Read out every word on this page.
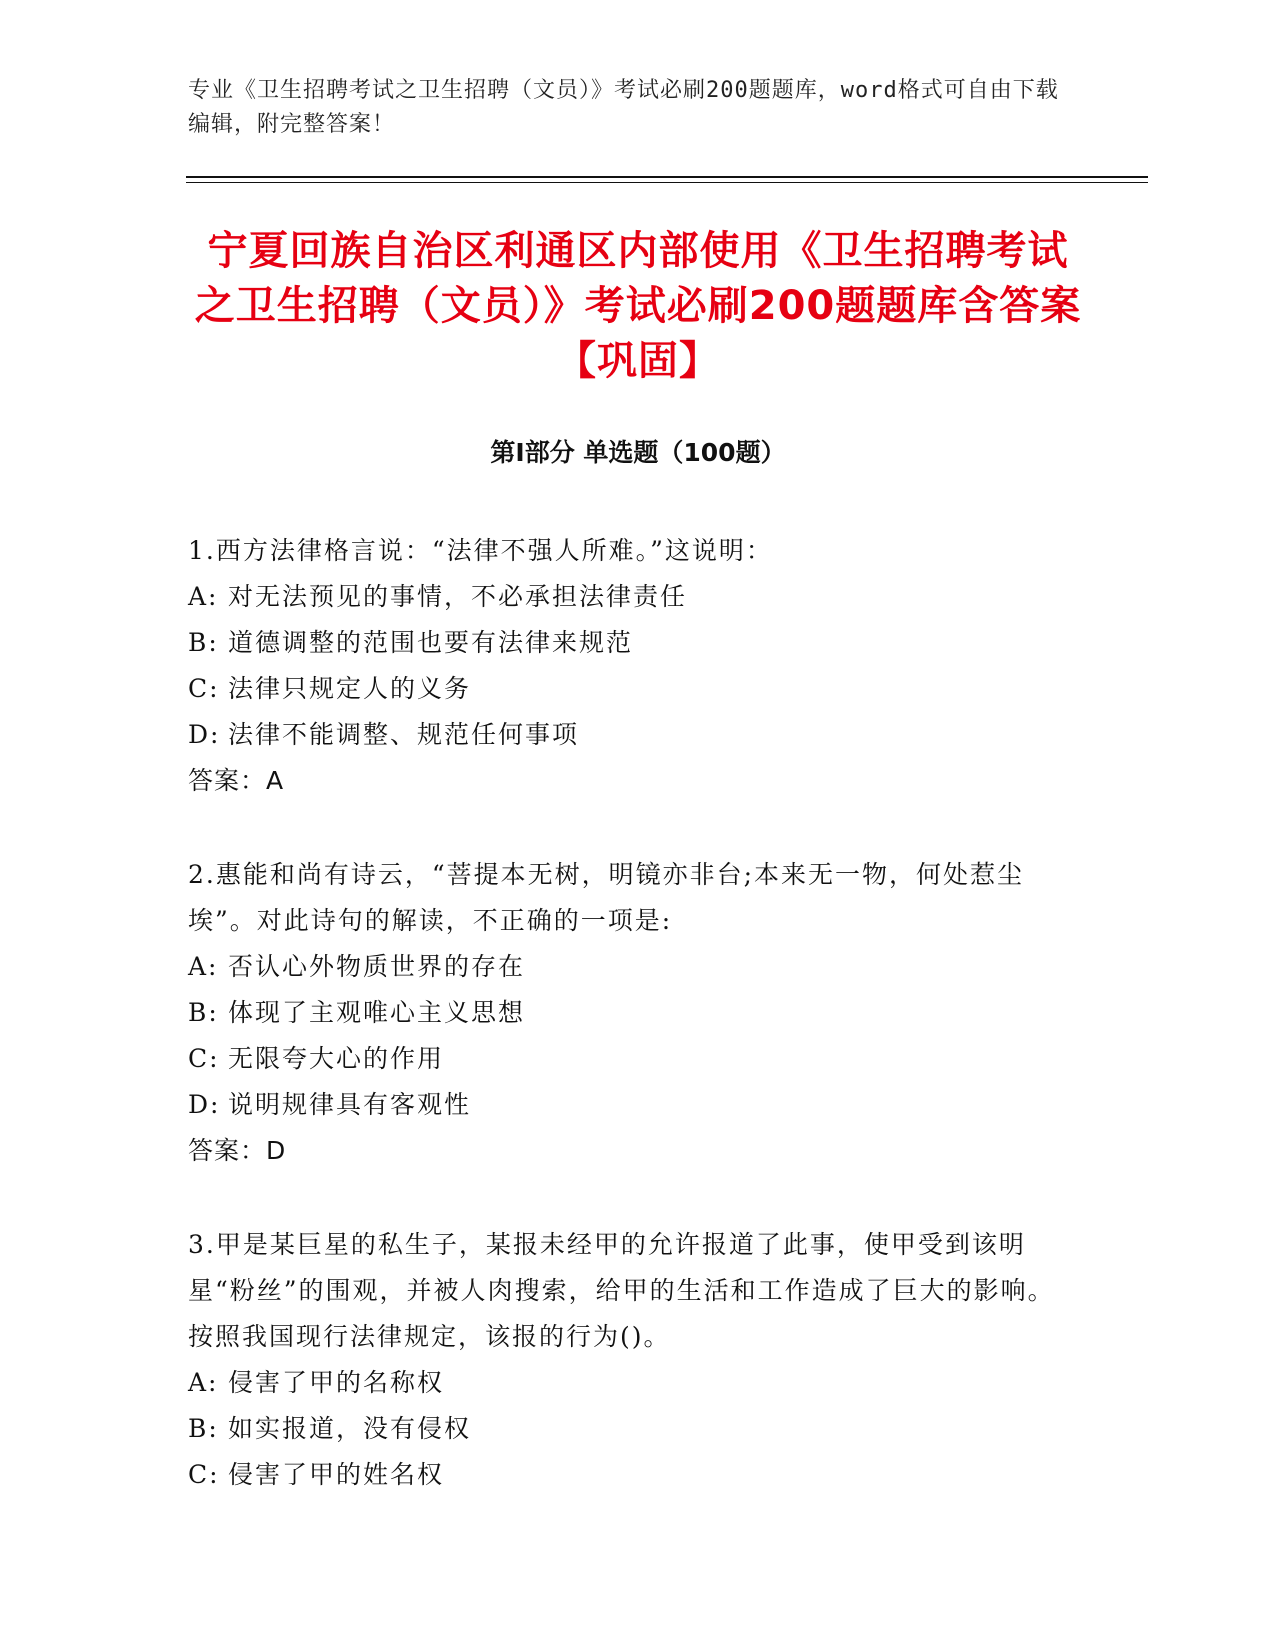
专业《卫生招聘考试之卫生招聘（文员）》考试必刷200题题库，word格式可自由下载编辑，附完整答案！
宁夏回族自治区利通区内部使用《卫生招聘考试之卫生招聘（文员）》考试必刷200题题库含答案【巩固】
第Ⅰ部分 单选题（100题）
1.西方法律格言说：“法律不强人所难。”这说明：
A: 对无法预见的事情，不必承担法律责任
B: 道德调整的范围也要有法律来规范
C: 法律只规定人的义务
D: 法律不能调整、规范任何事项
答案：A
2.惠能和尚有诗云，“菩提本无树，明镜亦非台;本来无一物，何处惹尘埃”。对此诗句的解读，不正确的一项是:
A: 否认心外物质世界的存在
B: 体现了主观唯心主义思想
C: 无限夸大心的作用
D: 说明规律具有客观性
答案：D
3.甲是某巨星的私生子，某报未经甲的允许报道了此事，使甲受到该明星“粉丝”的围观，并被人肉搜索，给甲的生活和工作造成了巨大的影响。按照我国现行法律规定，该报的行为()。
A: 侵害了甲的名称权
B: 如实报道，没有侵权
C: 侵害了甲的姓名权
